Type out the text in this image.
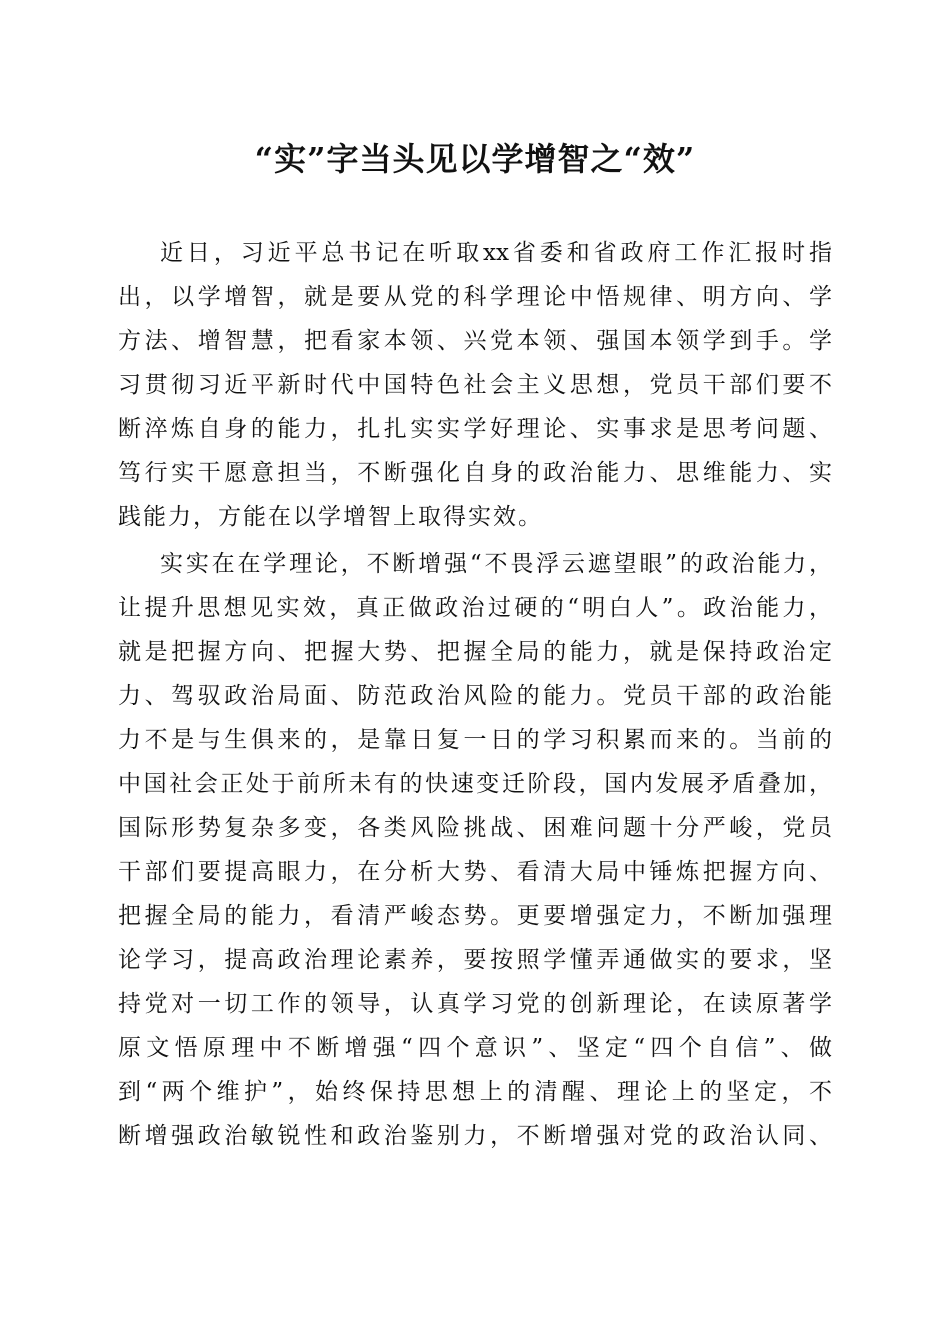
“实”字当头见以学增智之“效”

近日，习近平总书记在听取xx省委和省政府工作汇报时指

出，以学增智，就是要从党的科学理论中悟规律、明方向、学

方法、增智慧，把看家本领、兴党本领、强国本领学到手。学

习贯彻习近平新时代中国特色社会主义思想，党员干部们要不

断淬炼自身的能力，扎扎实实学好理论、实事求是思考问题、

笃行实干愿意担当，不断强化自身的政治能力、思维能力、实

践能力，方能在以学增智上取得实效。

实实在在学理论，不断增强“不畏浮云遮望眼”的政治能力，

让提升思想见实效，真正做政治过硬的“明白人”。政治能力，

就是把握方向、把握大势、把握全局的能力，就是保持政治定

力、驾驭政治局面、防范政治风险的能力。党员干部的政治能

力不是与生俱来的，是靠日复一日的学习积累而来的。当前的

中国社会正处于前所未有的快速变迁阶段，国内发展矛盾叠加，

国际形势复杂多变，各类风险挑战、困难问题十分严峻，党员

干部们要提高眼力，在分析大势、看清大局中锤炼把握方向、

把握全局的能力，看清严峻态势。更要增强定力，不断加强理

论学习，提高政治理论素养，要按照学懂弄通做实的要求，坚

持党对一切工作的领导，认真学习党的创新理论，在读原著学

原文悟原理中不断增强“四个意识”、坚定“四个自信”、做

到“两个维护”，始终保持思想上的清醒、理论上的坚定，不

断增强政治敏锐性和政治鉴别力，不断增强对党的政治认同、
